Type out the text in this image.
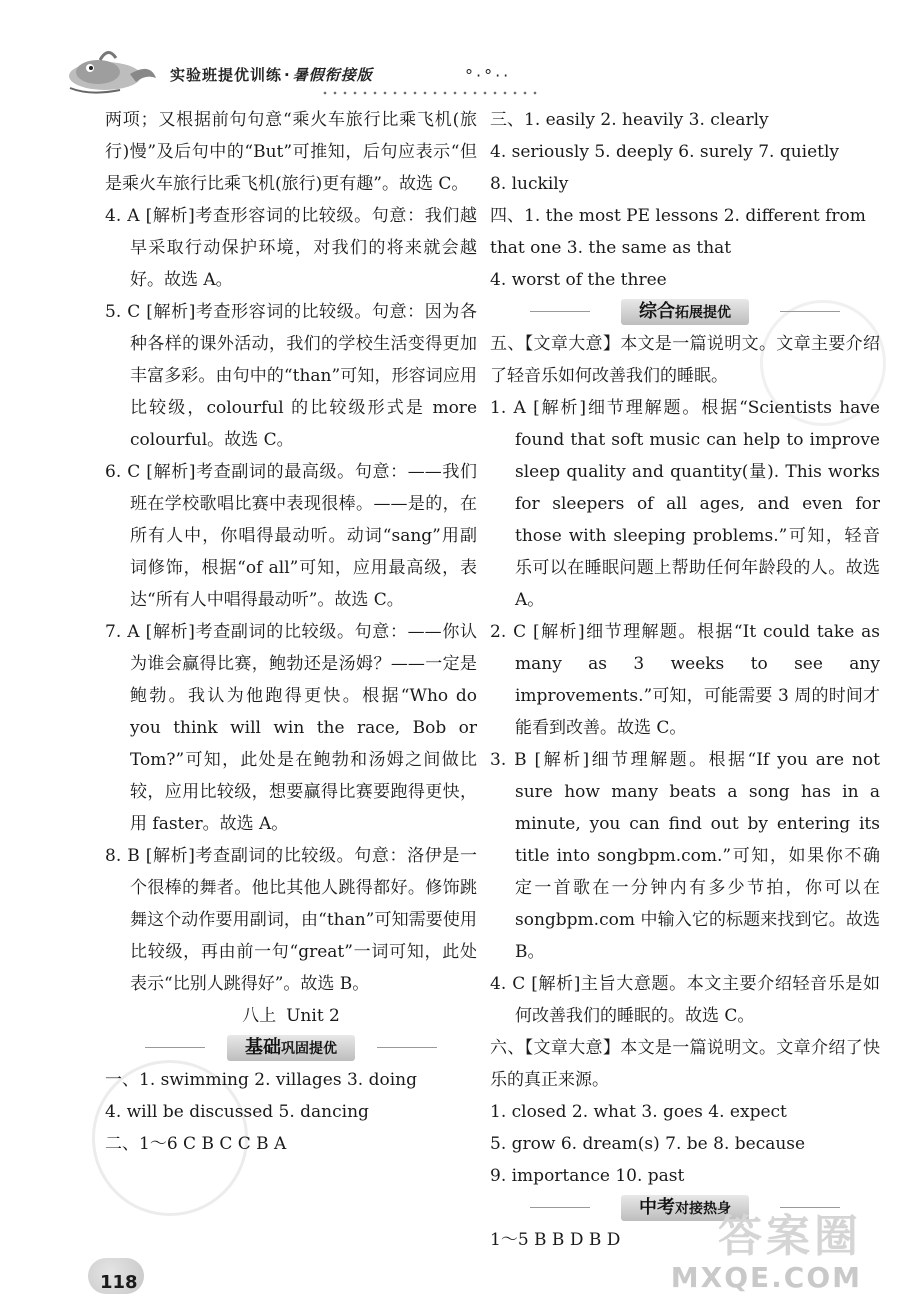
实验班提优训练 · 暑假衔接版	°·°··

两项；又根据前句句意“乘火车旅行比乘飞机(旅行)慢”及后句中的“But”可推知，后句应表示“但是乘火车旅行比乘飞机(旅行)更有趣”。故选 C。

4. A [解析]考查形容词的比较级。句意：我们越早采取行动保护环境，对我们的将来就会越好。故选 A。

5. C [解析]考查形容词的比较级。句意：因为各种各样的课外活动，我们的学校生活变得更加丰富多彩。由句中的“than”可知，形容词应用比较级，colourful 的比较级形式是 more colourful。故选 C。

6. C [解析]考查副词的最高级。句意：——我们班在学校歌唱比赛中表现很棒。——是的，在所有人中，你唱得最动听。动词“sang”用副词修饰，根据“of all”可知，应用最高级，表达“所有人中唱得最动听”。故选 C。

7. A [解析]考查副词的比较级。句意：——你认为谁会赢得比赛，鲍勃还是汤姆？——一定是鲍勃。我认为他跑得更快。根据“Who do you think will win the race, Bob or Tom?”可知，此处是在鲍勃和汤姆之间做比较，应用比较级，想要赢得比赛要跑得更快，用 faster。故选 A。

8. B [解析]考查副词的比较级。句意：洛伊是一个很棒的舞者。他比其他人跳得都好。修饰跳舞这个动作要用副词，由“than”可知需要使用比较级，再由前一句“great”一词可知，此处表示“比别人跳得好”。故选 B。

八上 Unit 2
基础巩固提优

一、1. swimming 2. villages 3. doing

4. will be discussed 5. dancing

二、1～6 C B C C B A

三、1. easily 2. heavily 3. clearly

4. seriously 5. deeply 6. surely 7. quietly

8. luckily

四、1. the most PE lessons 2. different from

that one 3. the same as that

4. worst of the three

综合拓展提优

五、【文章大意】本文是一篇说明文。文章主要介绍了轻音乐如何改善我们的睡眠。

1. A [解析]细节理解题。根据“Scientists have found that soft music can help to improve sleep quality and quantity(量). This works for sleepers of all ages, and even for those with sleeping problems.”可知，轻音乐可以在睡眠问题上帮助任何年龄段的人。故选 A。

2. C [解析]细节理解题。根据“It could take as many as 3 weeks to see any improvements.”可知，可能需要 3 周的时间才能看到改善。故选 C。

3. B [解析]细节理解题。根据“If you are not sure how many beats a song has in a minute, you can find out by entering its title into songbpm.com.”可知，如果你不确定一首歌在一分钟内有多少节拍，你可以在 songbpm.com 中输入它的标题来找到它。故选 B。

4. C [解析]主旨大意题。本文主要介绍轻音乐是如何改善我们的睡眠的。故选 C。

六、【文章大意】本文是一篇说明文。文章介绍了快乐的真正来源。

1. closed 2. what 3. goes 4. expect

5. grow 6. dream(s) 7. be 8. because

9. importance 10. past

中考对接热身

1～5 B B D B D

118
答案圈
MXQE.COM
